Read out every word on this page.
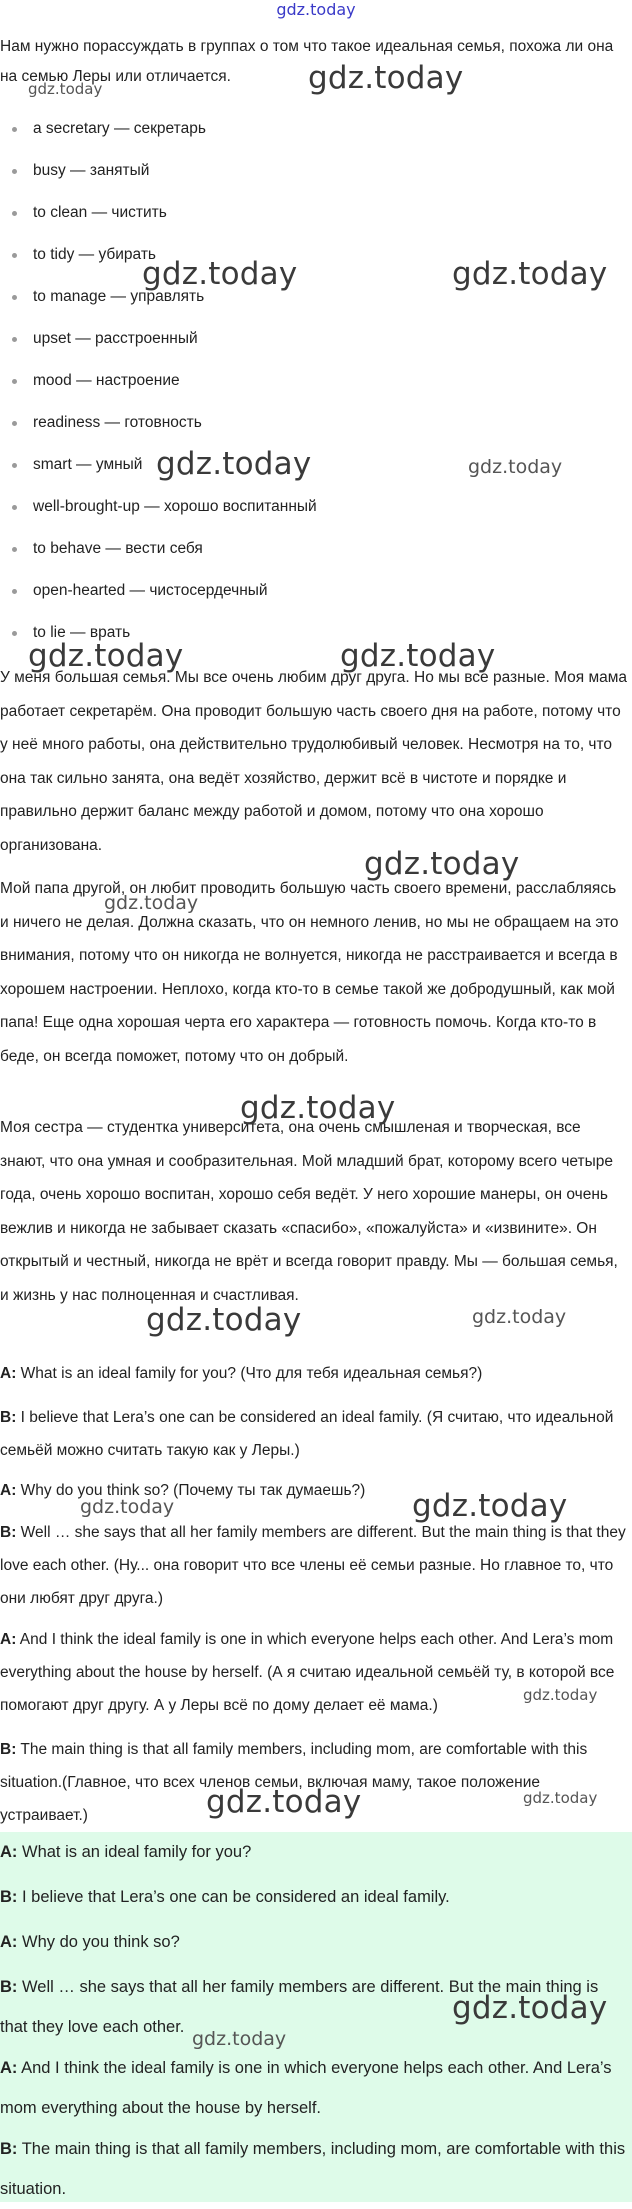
gdz.today

Нам нужно порассуждать в группах о том что такое идеальная семья, похожа ли она на семью Леры или отличается.

a secretary — секретарь
busy — занятый
to clean — чистить
to tidy — убирать
to manage — управлять
upset — расстроенный
mood — настроение
readiness — готовность
smart — умный
well-brought-up — хорошо воспитанный
to behave — вести себя
open-hearted — чистосердечный
to lie — врать

У меня большая семья. Мы все очень любим друг друга. Но мы все разные. Моя мама работает секретарём. Она проводит большую часть своего дня на работе, потому что у неё много работы, она действительно трудолюбивый человек. Несмотря на то, что она так сильно занята, она ведёт хозяйство, держит всё в чистоте и порядке и правильно держит баланс между работой и домом, потому что она хорошо организована.

Мой папа другой, он любит проводить большую часть своего времени, расслабляясь и ничего не делая. Должна сказать, что он немного ленив, но мы не обращаем на это внимания, потому что он никогда не волнуется, никогда не расстраивается и всегда в хорошем настроении. Неплохо, когда кто-то в семье такой же добродушный, как мой папа! Еще одна хорошая черта его характера — готовность помочь. Когда кто-то в беде, он всегда поможет, потому что он добрый.

Моя сестра — студентка университета, она очень смышленая и творческая, все знают, что она умная и сообразительная. Мой младший брат, которому всего четыре года, очень хорошо воспитан, хорошо себя ведёт. У него хорошие манеры, он очень вежлив и никогда не забывает сказать «спасибо», «пожалуйста» и «извините». Он открытый и честный, никогда не врёт и всегда говорит правду. Мы — большая семья, и жизнь у нас полноценная и счастливая.

A: What is an ideal family for you? (Что для тебя идеальная семья?)

B: I believe that Lera’s one can be considered an ideal family. (Я считаю, что идеальной семьёй можно считать такую как у Леры.)

A: Why do you think so? (Почему ты так думаешь?)

B: Well … she says that all her family members are different. But the main thing is that they love each other. (Ну... она говорит что все члены её семьи разные. Но главное то, что они любят друг друга.)

A: And I think the ideal family is one in which everyone helps each other. And Lera’s mom everything about the house by herself. (А я считаю идеальной семьёй ту, в которой все помогают друг другу. А у Леры всё по дому делает её мама.)

B: The main thing is that all family members, including mom, are comfortable with this situation.(Главное, что всех членов семьи, включая маму, такое положение устраивает.)

A: What is an ideal family for you?

B: I believe that Lera’s one can be considered an ideal family.

A: Why do you think so?

B: Well … she says that all her family members are different. But the main thing is that they love each other.

A: And I think the ideal family is one in which everyone helps each other. And Lera’s mom everything about the house by herself.

B: The main thing is that all family members, including mom, are comfortable with this situation.

gdz.today
gdz.today
gdz.today	gdz.today
gdz.today	gdz.today
gdz.today	gdz.today
gdz.today
gdz.today
gdz.today
gdz.today	gdz.today
gdz.today	gdz.today
gdz.today
gdz.today	gdz.today
gdz.today
gdz.today
